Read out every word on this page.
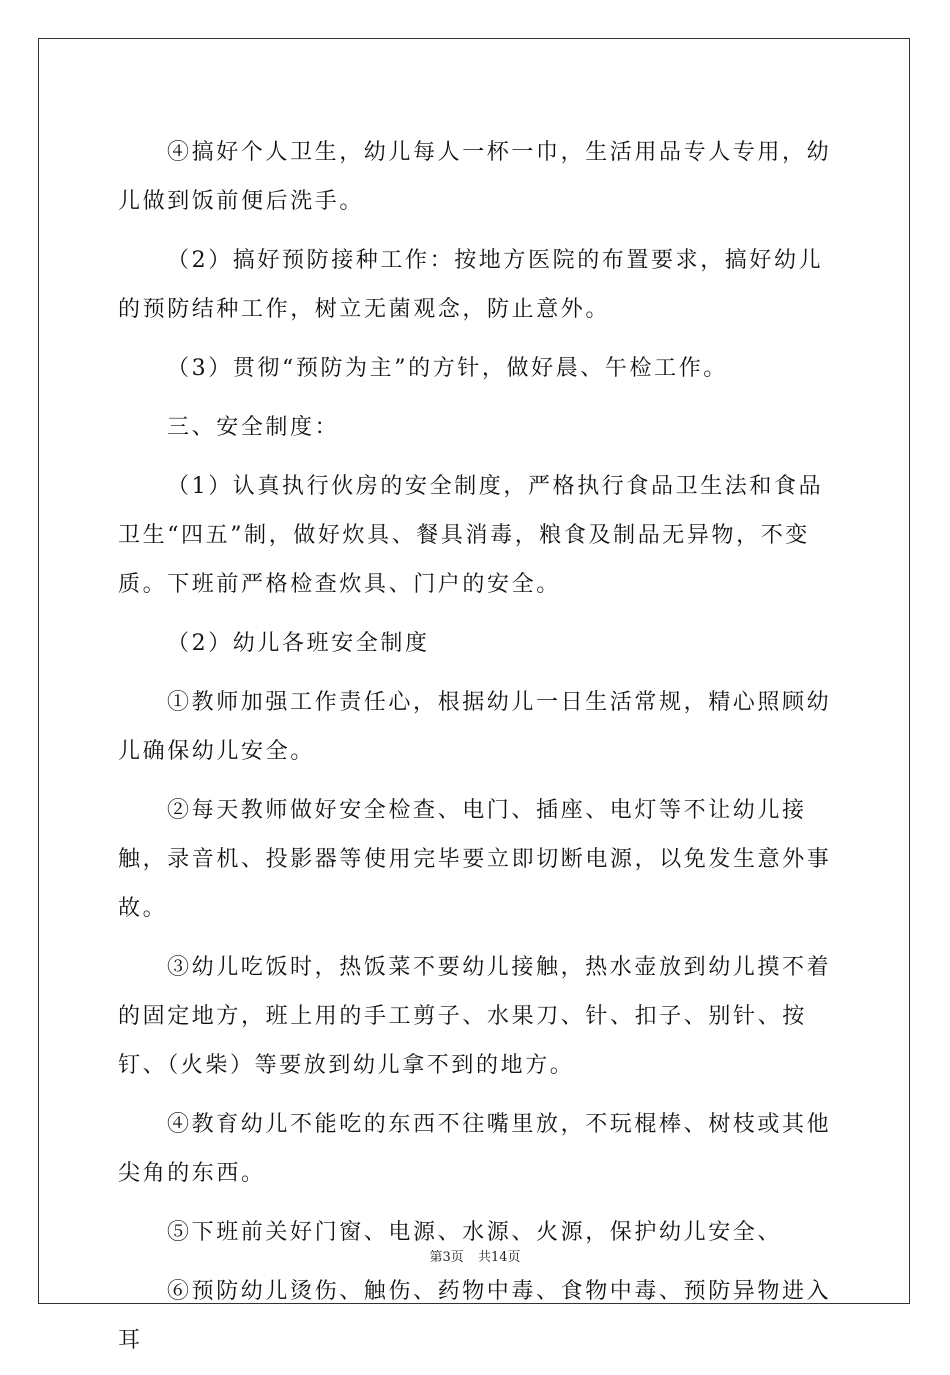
④搞好个人卫生，幼儿每人一杯一巾，生活用品专人专用，幼儿做到饭前便后洗手。

（2）搞好预防接种工作：按地方医院的布置要求，搞好幼儿的预防结种工作，树立无菌观念，防止意外。

（3）贯彻“预防为主”的方针，做好晨、午检工作。

三、安全制度：

（1）认真执行伙房的安全制度，严格执行食品卫生法和食品卫生“四五”制，做好炊具、餐具消毒，粮食及制品无异物，不变质。下班前严格检查炊具、门户的安全。

（2）幼儿各班安全制度

①教师加强工作责任心，根据幼儿一日生活常规，精心照顾幼儿确保幼儿安全。

②每天教师做好安全检查、电门、插座、电灯等不让幼儿接触，录音机、投影器等使用完毕要立即切断电源，以免发生意外事故。

③幼儿吃饭时，热饭菜不要幼儿接触，热水壶放到幼儿摸不着的固定地方，班上用的手工剪子、水果刀、针、扣子、别针、按钉、（火柴）等要放到幼儿拿不到的地方。

④教育幼儿不能吃的东西不往嘴里放，不玩棍棒、树枝或其他尖角的东西。

⑤下班前关好门窗、电源、水源、火源，保护幼儿安全、

⑥预防幼儿烫伤、触伤、药物中毒、食物中毒、预防异物进入耳

第3页 共14页
